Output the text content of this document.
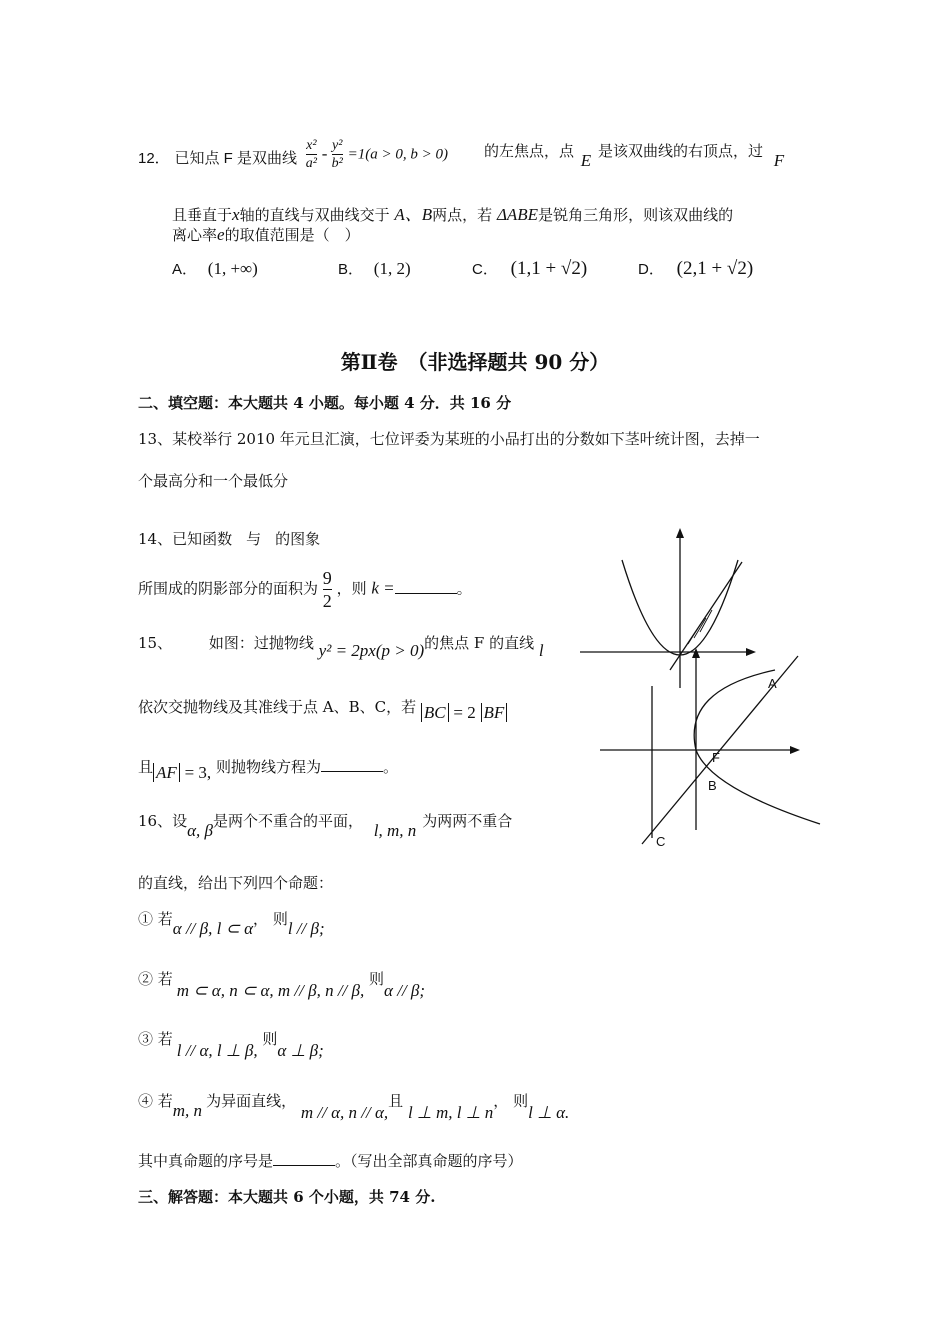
12． 已知点 F 是双曲线 $\frac{\text{x²}}{\text{a²}} - \frac{\text{y²}}{\text{b²}} =1(a > 0$, b > 0) 的左焦点，点 E 是该双曲线的右顶点，过 F
且垂直于x轴的直线与双曲线交于 A、B两点，若 ΔABE是锐角三角形，则该双曲线的
离心率e的取值范围是（　）
A． (1, +∞)	B． (1, 2)	C． (1,1 + √2)	D． (2,1 + √2)
第Ⅱ卷　（非选择题共 90 分）
二、填空题：本大题共 4 小题。每小题 4 分．共 16 分
13、某校举行 2010 年元旦汇演，七位评委为某班的小品打出的分数如下茎叶统计图，去掉一
个最高分和一个最低分
14、已知函数 与 的图象
所围成的阴影部分的面积为 $\frac{9}{2}$ ，则 k =	。
15、 如图：过抛物线 y² = 2px(p > 0)的焦点 F 的直线 l
依次交抛物线及其准线于点 A、B、C，若 BC = 2 BF
且 AF = 3, 则抛物线方程为	。
A
F
B
C
16、设α, β是两个不重合的平面， l, m, n 为两两不重合
的直线，给出下列四个命题：
① 若α // β, l ⊂ α， 则l // β;
② 若m ⊂ α, n ⊂ α, m // β, n // β, 则α // β;
③ 若l // α, l ⊥ β, 则α ⊥ β;
④ 若m, n 为异面直线， m // α, n // α,且 l ⊥ m, l ⊥ n， 则l ⊥ α.
其中真命题的序号是	。（写出全部真命题的序号）
三、解答题：本大题共 6 个小题，共 74 分.
